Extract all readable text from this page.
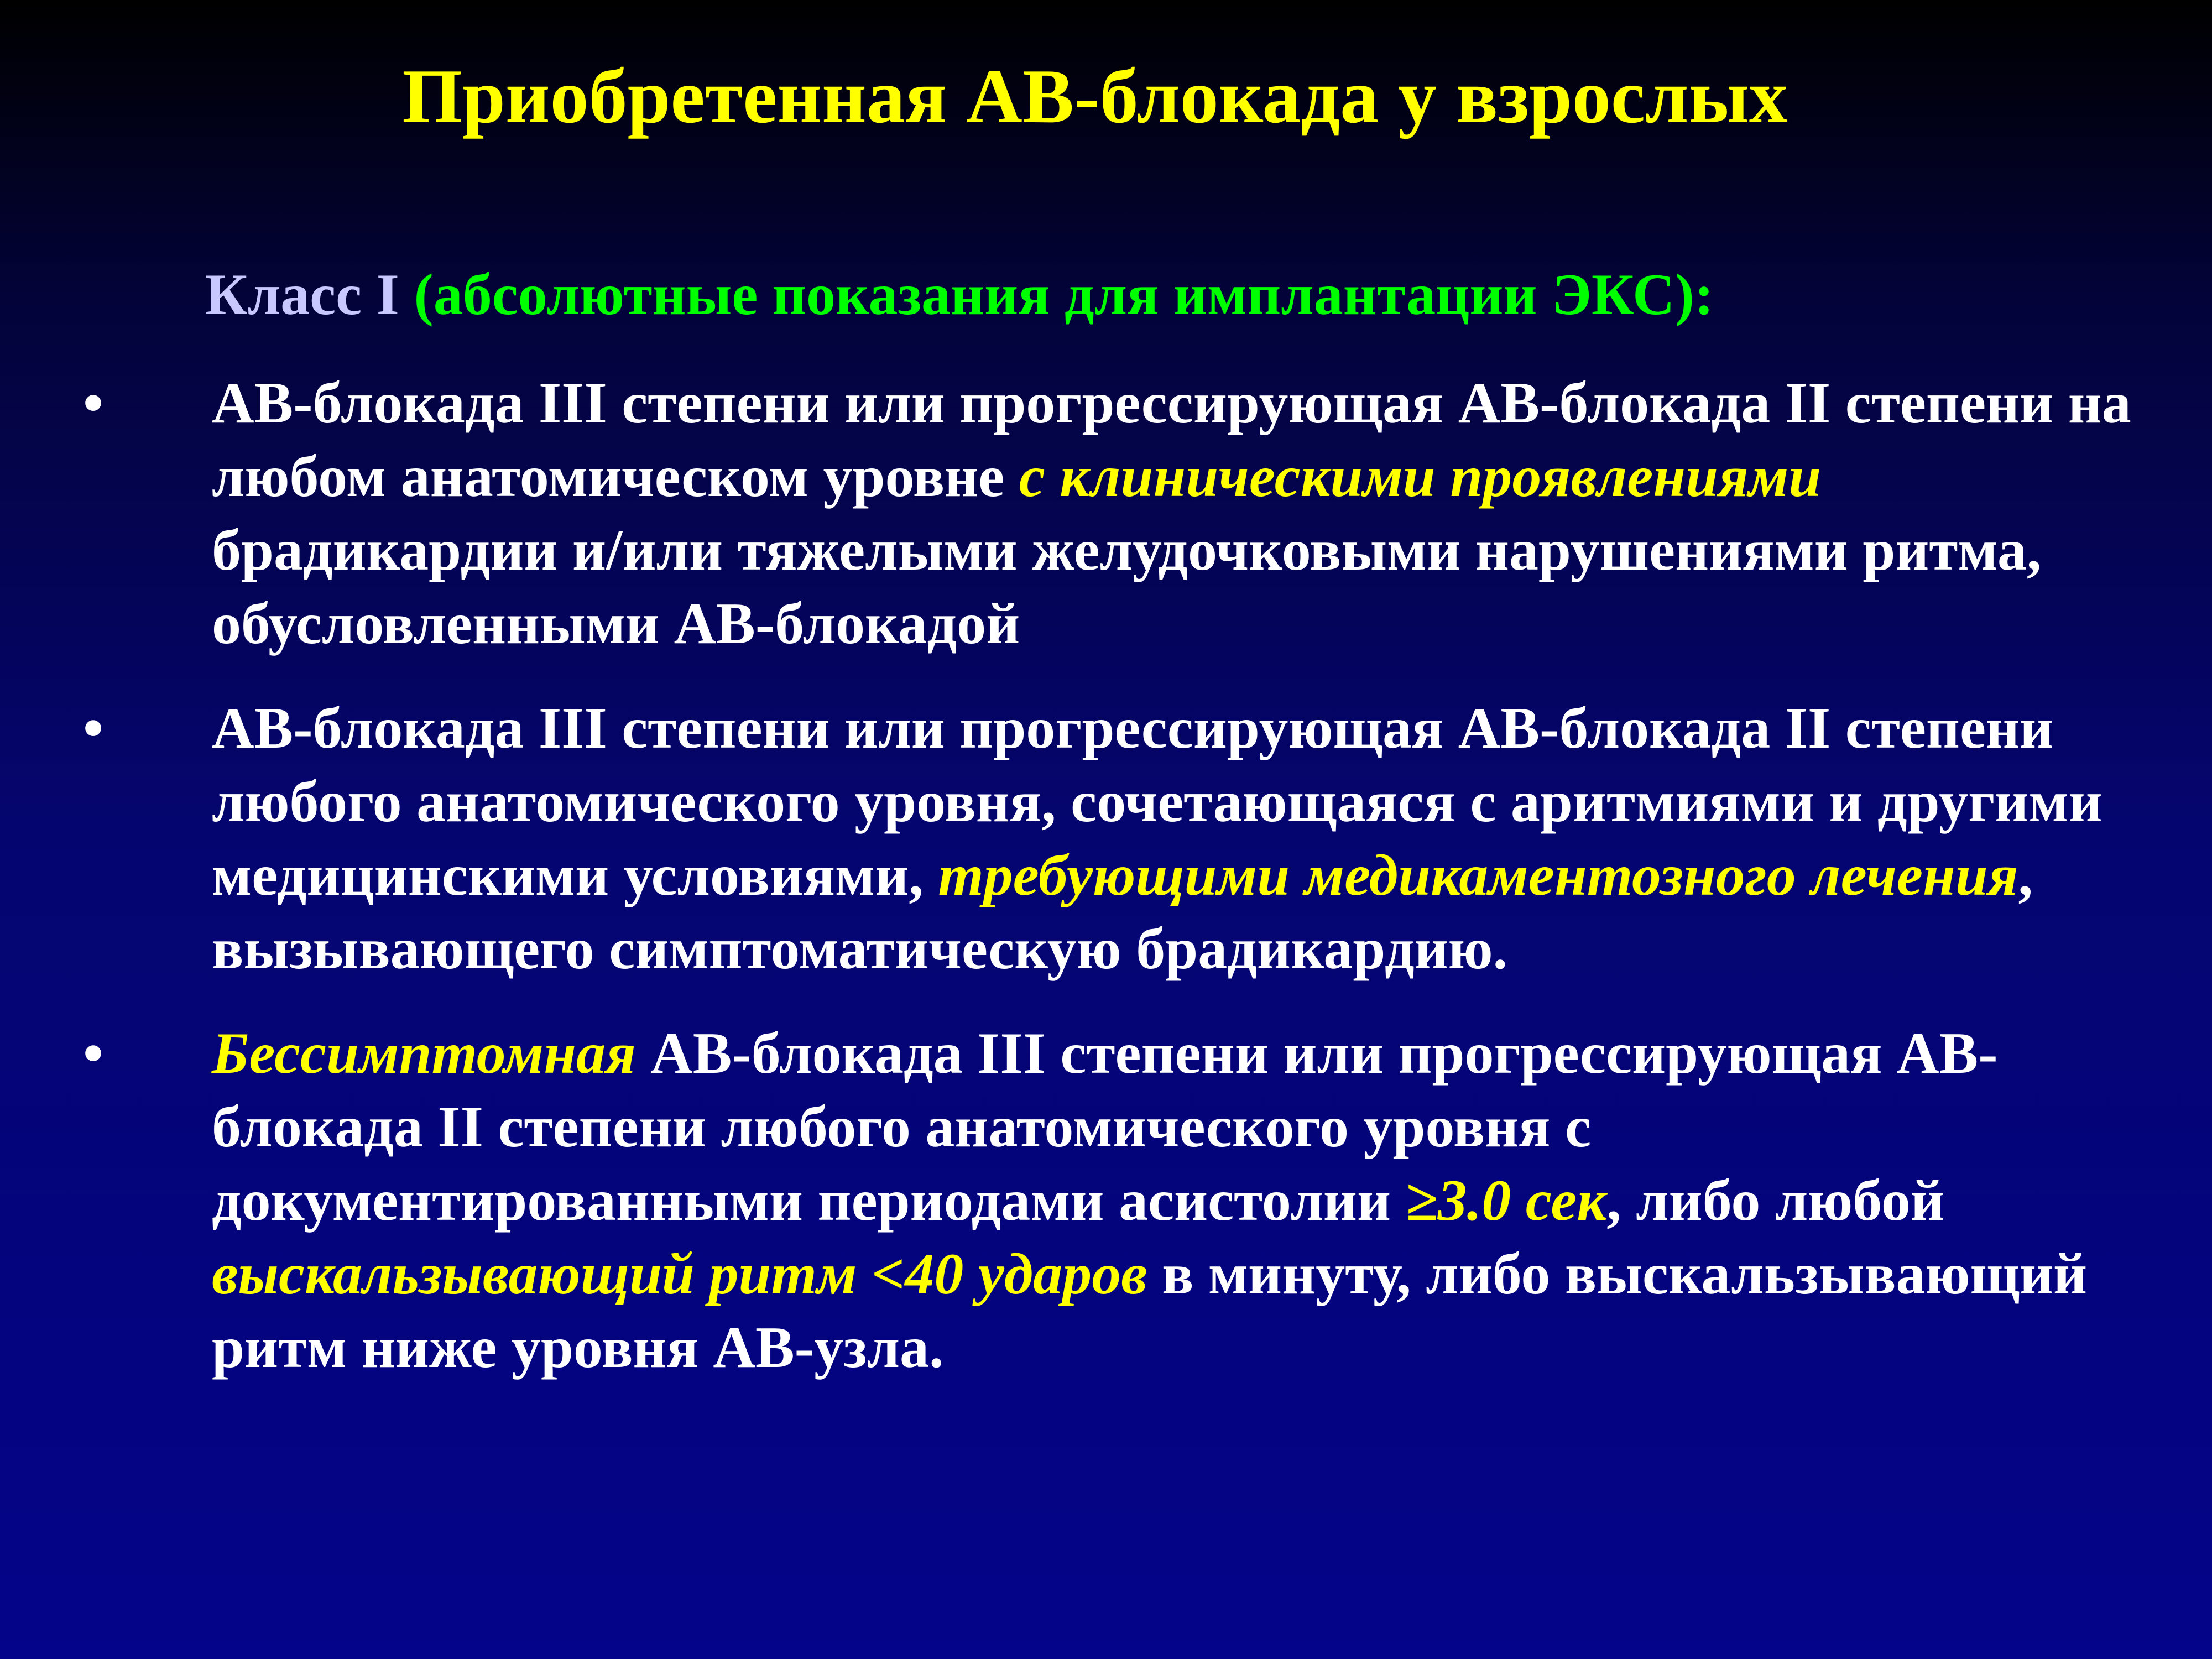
Приобретенная АВ-блокада у взрослых
Класс I (абсолютные показания для имплантации ЭКС):
• АВ-блокада III степени или прогрессирующая АВ-блокада II степени на любом анатомическом уровне с клиническими проявлениями брадикардии и/или тяжелыми желудочковыми нарушениями ритма, обусловленными АВ-блокадой
• АВ-блокада III степени или прогрессирующая АВ-блокада II степени любого анатомического уровня, сочетающаяся с аритмиями и другими медицинскими условиями, требующими медикаментозного лечения, вызывающего симптоматическую брадикардию.
• Бессимптомная АВ-блокада III степени или прогрессирующая АВ-блокада II степени любого анатомического уровня с документированными периодами асистолии ≥3.0 сек, либо любой выскальзывающий ритм <40 ударов в минуту, либо выскальзывающий ритм ниже уровня АВ-узла.
